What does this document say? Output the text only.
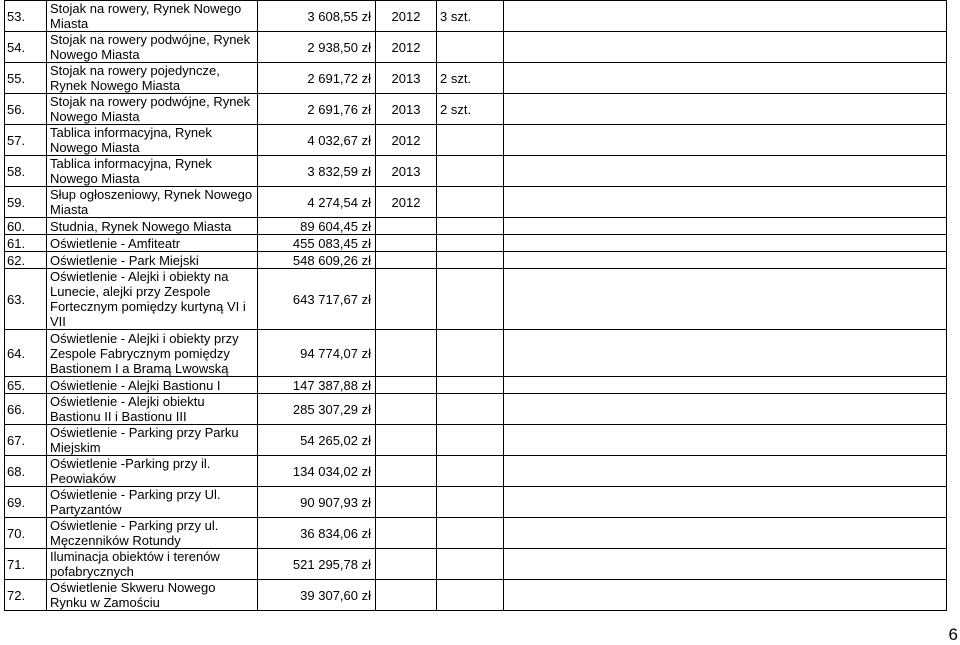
53.	Stojak na rowery, Rynek Nowego Miasta	3 608,55 zł	2012	3 szt.	
54.	Stojak na rowery podwójne, Rynek Nowego Miasta	2 938,50 zł	2012		
55.	Stojak na rowery pojedyncze, Rynek Nowego Miasta	2 691,72 zł	2013	2 szt.	
56.	Stojak na rowery podwójne, Rynek Nowego Miasta	2 691,76 zł	2013	2 szt.	
57.	Tablica informacyjna, Rynek Nowego Miasta	4 032,67 zł	2012		
58.	Tablica informacyjna, Rynek Nowego Miasta	3 832,59 zł	2013		
59.	Słup ogłoszeniowy, Rynek Nowego Miasta	4 274,54 zł	2012		
60.	Studnia, Rynek Nowego Miasta	89 604,45 zł			
61.	Oświetlenie - Amfiteatr	455 083,45 zł			
62.	Oświetlenie - Park Miejski	548 609,26 zł			
63.	Oświetlenie - Alejki i obiekty na Lunecie, alejki przy Zespole Fortecznym pomiędzy kurtyną VI i VII	643 717,67 zł			
64.	Oświetlenie - Alejki i obiekty przy Zespole Fabrycznym pomiędzy Bastionem I a Bramą Lwowską	94 774,07 zł			
65.	Oświetlenie - Alejki Bastionu I	147 387,88 zł			
66.	Oświetlenie - Alejki obiektu Bastionu II i Bastionu III	285 307,29 zł			
67.	Oświetlenie - Parking przy Parku Miejskim	54 265,02 zł			
68.	Oświetlenie -Parking przy il. Peowiaków	134 034,02 zł			
69.	Oświetlenie - Parking przy Ul. Partyzantów	90 907,93 zł			
70.	Oświetlenie - Parking przy ul. Męczenników Rotundy	36 834,06 zł			
71.	Iluminacja obiektów i terenów pofabrycznych	521 295,78 zł			
72.	Oświetlenie Skweru Nowego Rynku w Zamościu	39 307,60 zł			
6
